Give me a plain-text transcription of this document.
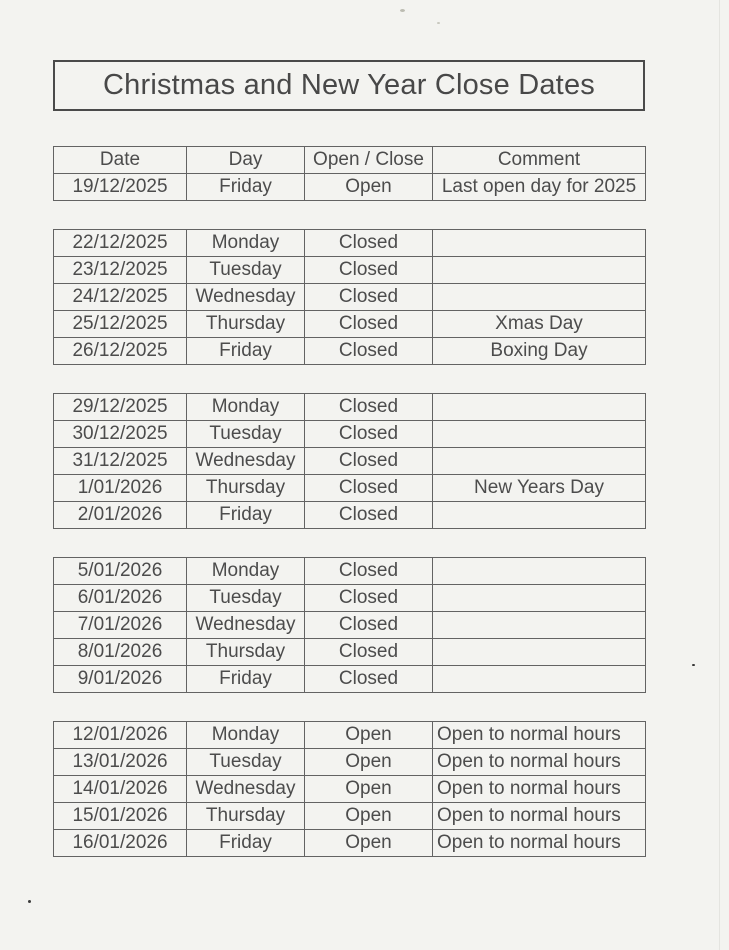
Christmas and New Year Close Dates
Date	Day	Open / Close	Comment
19/12/2025	Friday	Open	Last open day for 2025
22/12/2025	Monday	Closed	
23/12/2025	Tuesday	Closed	
24/12/2025	Wednesday	Closed	
25/12/2025	Thursday	Closed	Xmas Day
26/12/2025	Friday	Closed	Boxing Day
29/12/2025	Monday	Closed	
30/12/2025	Tuesday	Closed	
31/12/2025	Wednesday	Closed	
1/01/2026	Thursday	Closed	New Years Day
2/01/2026	Friday	Closed	
5/01/2026	Monday	Closed	
6/01/2026	Tuesday	Closed	
7/01/2026	Wednesday	Closed	
8/01/2026	Thursday	Closed	
9/01/2026	Friday	Closed	
12/01/2026	Monday	Open	Open to normal hours
13/01/2026	Tuesday	Open	Open to normal hours
14/01/2026	Wednesday	Open	Open to normal hours
15/01/2026	Thursday	Open	Open to normal hours
16/01/2026	Friday	Open	Open to normal hours
